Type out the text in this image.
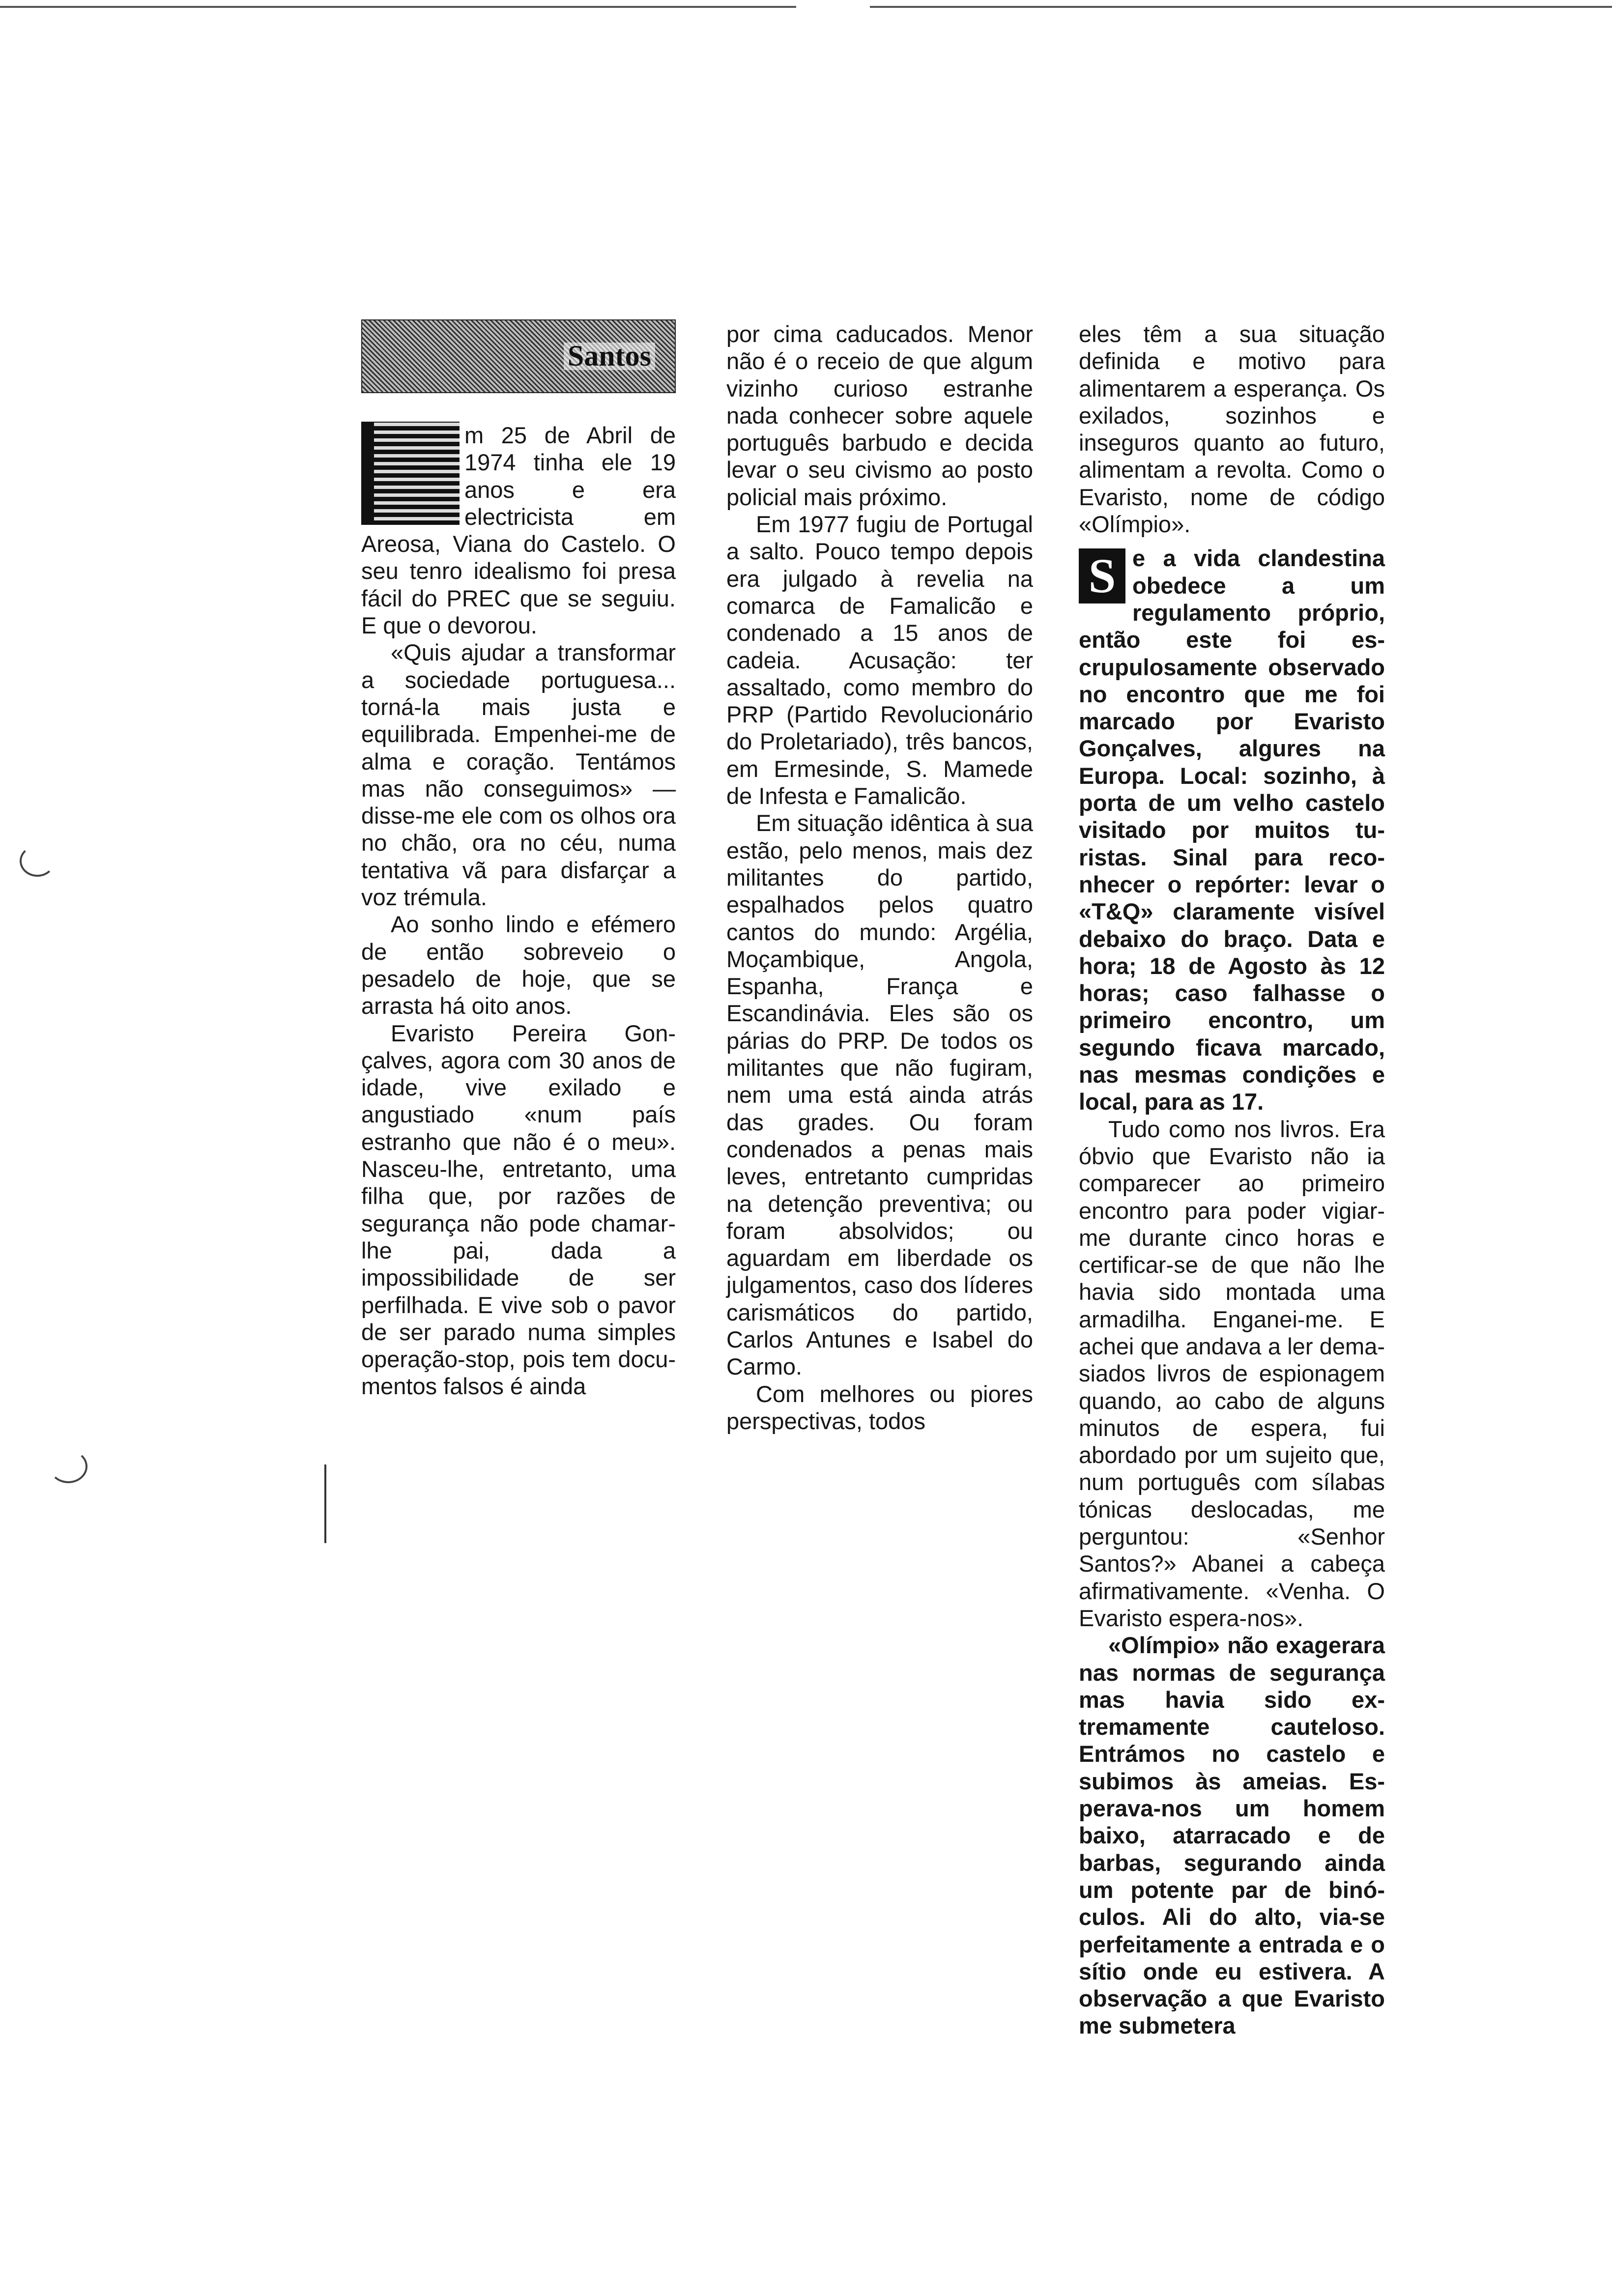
Santos

m 25 de Abril de 1974 tinha ele 19 anos e era electricista em Areosa, Viana do Castelo. O seu tenro idealismo foi presa fácil do PREC que se seguiu. E que o devorou.

«Quis ajudar a transformar a sociedade portuguesa... torná-la mais justa e equilibrada. Empenhei-me de alma e coração. Tentámos mas não conseguimos» — disse-me ele com os olhos ora no chão, ora no céu, numa tentativa vã para disfarçar a voz trémula.

Ao sonho lindo e efémero de então sobreveio o pesadelo de hoje, que se arrasta há oito anos.

Evaristo Pereira Gonçalves, agora com 30 anos de idade, vive exilado e angustiado «num país estranho que não é o meu». Nasceu-lhe, entretanto, uma filha que, por razões de segurança não pode chamar-lhe pai, dada a impossibilidade de ser perfilhada. E vive sob o pavor de ser parado numa simples operação-stop, pois tem documentos falsos é ainda

por cima caducados. Menor não é o receio de que algum vizinho curioso estranhe nada conhecer sobre aquele português barbudo e decida levar o seu civismo ao posto policial mais próximo.

Em 1977 fugiu de Portugal a salto. Pouco tempo depois era julgado à revelia na comarca de Famalicão e condenado a 15 anos de cadeia. Acusação: ter assaltado, como membro do PRP (Partido Revolucionário do Proletariado), três bancos, em Ermesinde, S. Mamede de Infesta e Famalicão.

Em situação idêntica à sua estão, pelo menos, mais dez militantes do partido, espalhados pelos quatro cantos do mundo: Argélia, Moçambique, Angola, Espanha, França e Escandinávia. Eles são os párias do PRP. De todos os militantes que não fugiram, nem uma está ainda atrás das grades. Ou foram condenados a penas mais leves, entretanto cumpridas na detenção preventiva; ou foram absolvidos; ou aguardam em liberdade os julgamentos, caso dos líderes carismáticos do partido, Carlos Antunes e Isabel do Carmo.

Com melhores ou piores perspectivas, todos

eles têm a sua situação definida e motivo para alimentarem a esperança. Os exilados, sozinhos e inseguros quanto ao futuro, alimentam a revolta. Como o Evaristo, nome de código «Olímpio».

S e a vida clandestina obedece a um regulamento próprio, então este foi escrupulosamente observado no encontro que me foi marcado por Evaristo Gonçalves, algures na Europa. Local: sozinho, à porta de um velho castelo visitado por muitos turistas. Sinal para reconhecer o repórter: levar o «T&Q» claramente visível debaixo do braço. Data e hora; 18 de Agosto às 12 horas; caso falhasse o primeiro encontro, um segundo ficava marcado, nas mesmas condições e local, para as 17.

Tudo como nos livros. Era óbvio que Evaristo não ia comparecer ao primeiro encontro para poder vigiar-me durante cinco horas e certificar-se de que não lhe havia sido montada uma armadilha. Enganei-me. E achei que andava a ler demasiados livros de espionagem quando, ao cabo de alguns minutos de espera, fui abordado por um sujeito que, num português com sílabas tónicas deslocadas, me perguntou: «Senhor Santos?» Abanei a cabeça afirmativamente. «Venha. O Evaristo espera-nos».

«Olímpio» não exagerara nas normas de segurança mas havia sido extremamente cauteloso. Entrámos no castelo e subimos às ameias. Esperava-nos um homem baixo, atarracado e de barbas, segurando ainda um potente par de binóculos. Ali do alto, via-se perfeitamente a entrada e o sítio onde eu estivera. A observação a que Evaristo me submetera
